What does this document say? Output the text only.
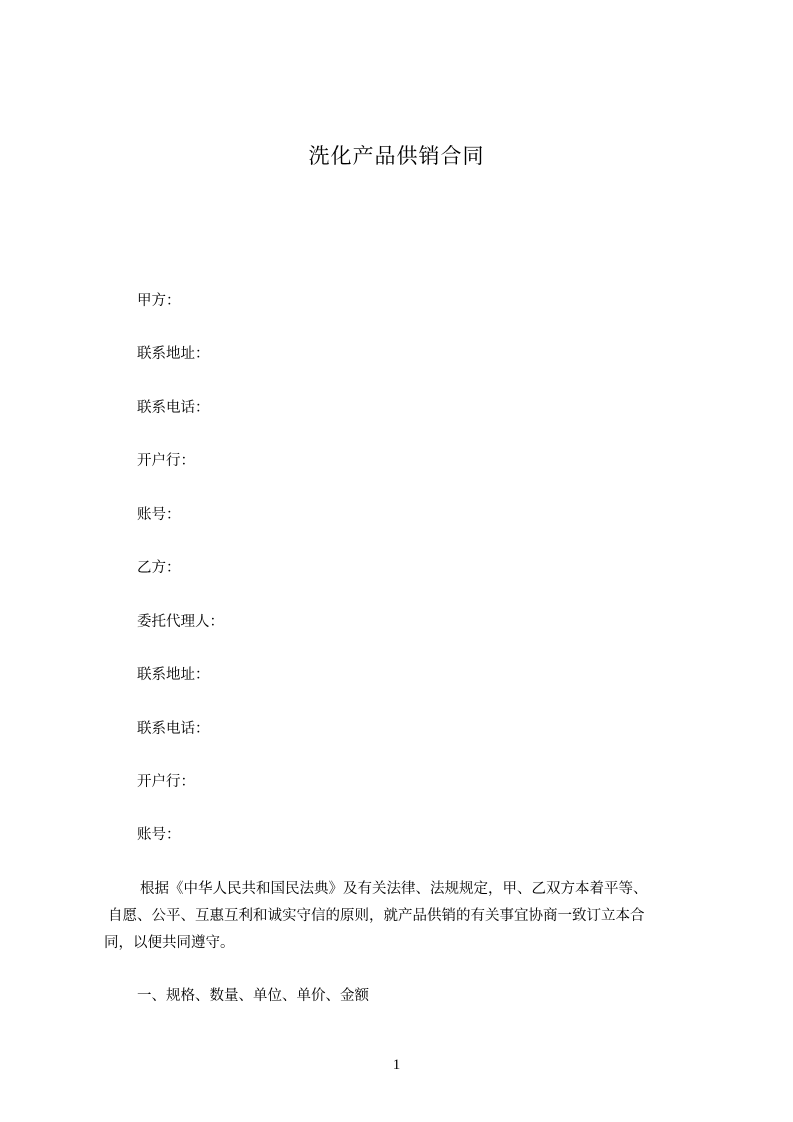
洗化产品供销合同
甲方：
联系地址：
联系电话：
开户行：
账号：
乙方：
委托代理人：
联系地址：
联系电话：
开户行：
账号：
根据《中华人民共和国民法典》及有关法律、法规规定，甲、乙双方本着平等、
自愿、公平、互惠互利和诚实守信的原则，就产品供销的有关事宜协商一致订立本合
同，以便共同遵守。
一、规格、数量、单位、单价、金额
1
